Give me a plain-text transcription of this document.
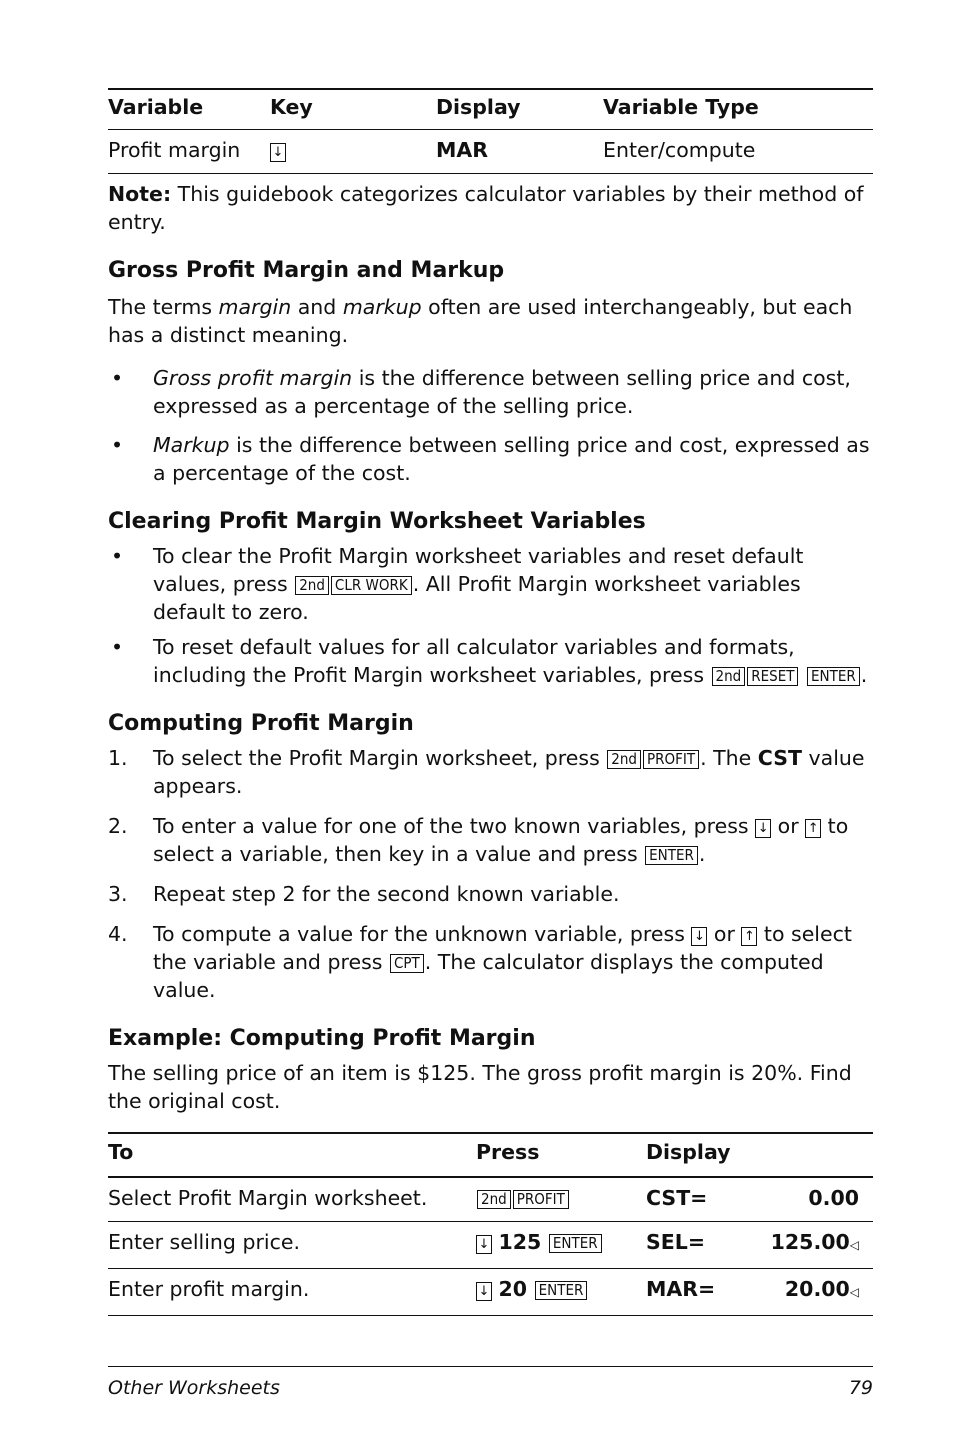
Variable	Key	Display	Variable Type
Profit margin	↓	MAR	Enter/compute

Note: This guidebook categorizes calculator variables by their method of entry.

Gross Profit Margin and Markup

The terms margin and markup often are used interchangeably, but each has a distinct meaning.

• Gross profit margin is the difference between selling price and cost, expressed as a percentage of the selling price.
• Markup is the difference between selling price and cost, expressed as a percentage of the cost.
Clearing Profit Margin Worksheet Variables
• To clear the Profit Margin worksheet variables and reset default values, press 2nd CLR WORK . All Profit Margin worksheet variables default to zero.
• To reset default values for all calculator variables and formats, including the Profit Margin worksheet variables, press 2nd RESET ENTER .
Computing Profit Margin
1. To select the Profit Margin worksheet, press 2nd PROFIT . The CST value appears.
2. To enter a value for one of the two known variables, press ↓ or ↑ to select a variable, then key in a value and press ENTER .
3. Repeat step 2 for the second known variable.
4. To compute a value for the unknown variable, press ↓ or ↑ to select the variable and press CPT . The calculator displays the computed value.
Example: Computing Profit Margin

The selling price of an item is $125. The gross profit margin is 20%. Find the original cost.

To	Press	Display	
Select Profit Margin worksheet.	2nd PROFIT	CST=	0.00
Enter selling price.	↓ 125 ENTER	SEL=	125.00◁
Enter profit margin.	↓ 20 ENTER	MAR=	20.00◁
Other Worksheets	79
